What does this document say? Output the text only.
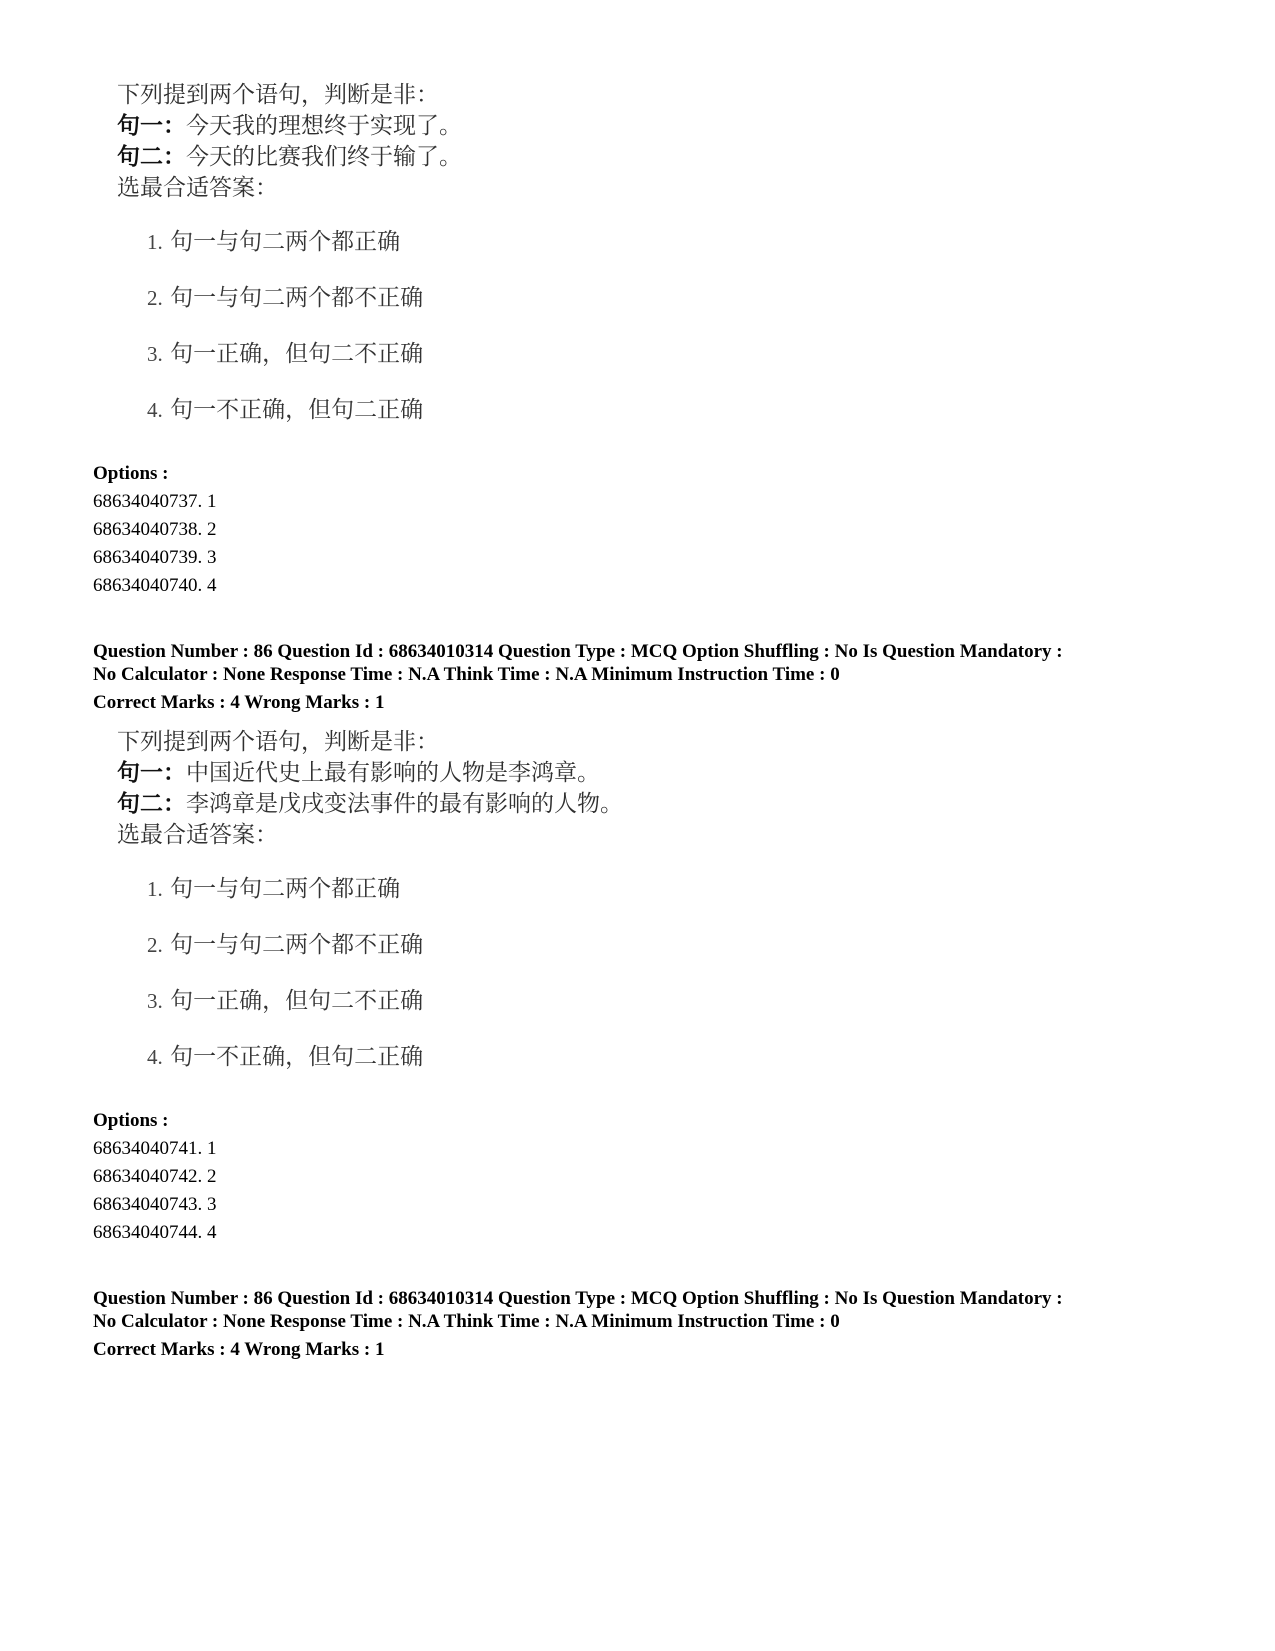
下列提到两个语句，判断是非：
句一：今天我的理想终于实现了。
句二：今天的比赛我们终于输了。
选最合适答案：
1. 句一与句二两个都正确
2. 句一与句二两个都不正确
3. 句一正确，但句二不正确
4. 句一不正确，但句二正确
Options :
68634040737. 1
68634040738. 2
68634040739. 3
68634040740. 4
Question Number : 86 Question Id : 68634010314 Question Type : MCQ Option Shuffling : No Is Question Mandatory :
No Calculator : None Response Time : N.A Think Time : N.A Minimum Instruction Time : 0
Correct Marks : 4 Wrong Marks : 1
下列提到两个语句，判断是非：
句一：中国近代史上最有影响的人物是李鸿章。
句二：李鸿章是戊戌变法事件的最有影响的人物。
选最合适答案：
1. 句一与句二两个都正确
2. 句一与句二两个都不正确
3. 句一正确，但句二不正确
4. 句一不正确，但句二正确
Options :
68634040741. 1
68634040742. 2
68634040743. 3
68634040744. 4
Question Number : 86 Question Id : 68634010314 Question Type : MCQ Option Shuffling : No Is Question Mandatory :
No Calculator : None Response Time : N.A Think Time : N.A Minimum Instruction Time : 0
Correct Marks : 4 Wrong Marks : 1
